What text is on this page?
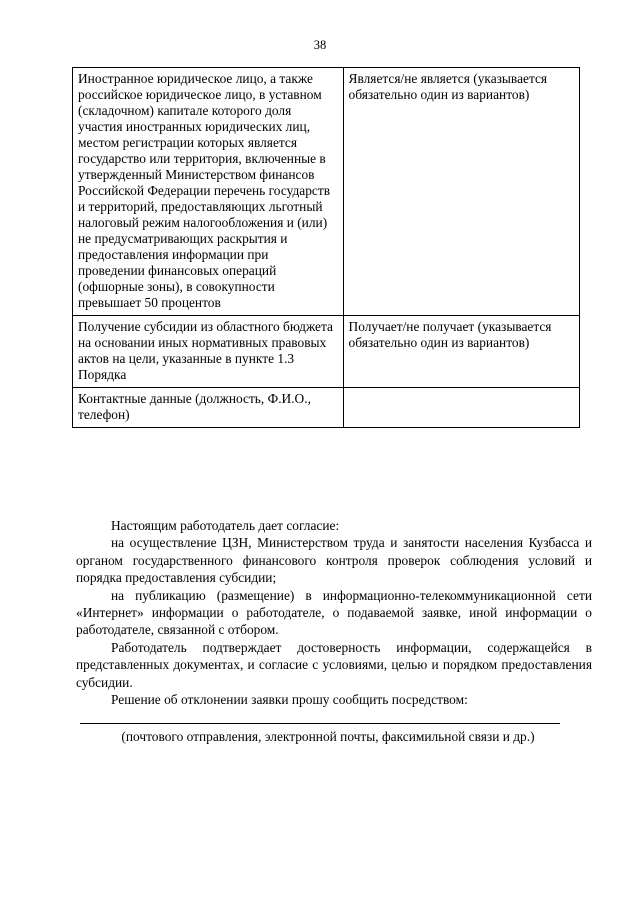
38
Иностранное юридическое лицо, а также российское юридическое лицо, в уставном (складочном) капитале которого доля участия иностранных юридических лиц, местом регистрации которых является государство или территория, включенные в утвержденный Министерством финансов Российской Федерации перечень государств и территорий, предоставляющих льготный налоговый режим налогообложения и (или) не предусматривающих раскрытия и предоставления информации при проведении финансовых операций (офшорные зоны), в совокупности превышает 50 процентов	Является/не является (указывается обязательно один из вариантов)
Получение субсидии из областного бюджета на основании иных нормативных правовых актов на цели, указанные в пункте 1.3 Порядка	Получает/не получает (указывается обязательно один из вариантов)
Контактные данные (должность, Ф.И.О., телефон)	

Настоящим работодатель дает согласие:

на осуществление ЦЗН, Министерством труда и занятости населения Кузбасса и органом государственного финансового контроля проверок соблюдения условий и порядка предоставления субсидии;

на публикацию (размещение) в информационно-телекоммуникационной сети «Интернет» информации о работодателе, о подаваемой заявке, иной информации о работодателе, связанной с отбором.

Работодатель подтверждает достоверность информации, содержащейся в представленных документах, и согласие с условиями, целью и порядком предоставления субсидии.

Решение об отклонении заявки прошу сообщить посредством:

(почтового отправления, электронной почты, факсимильной связи и др.)
